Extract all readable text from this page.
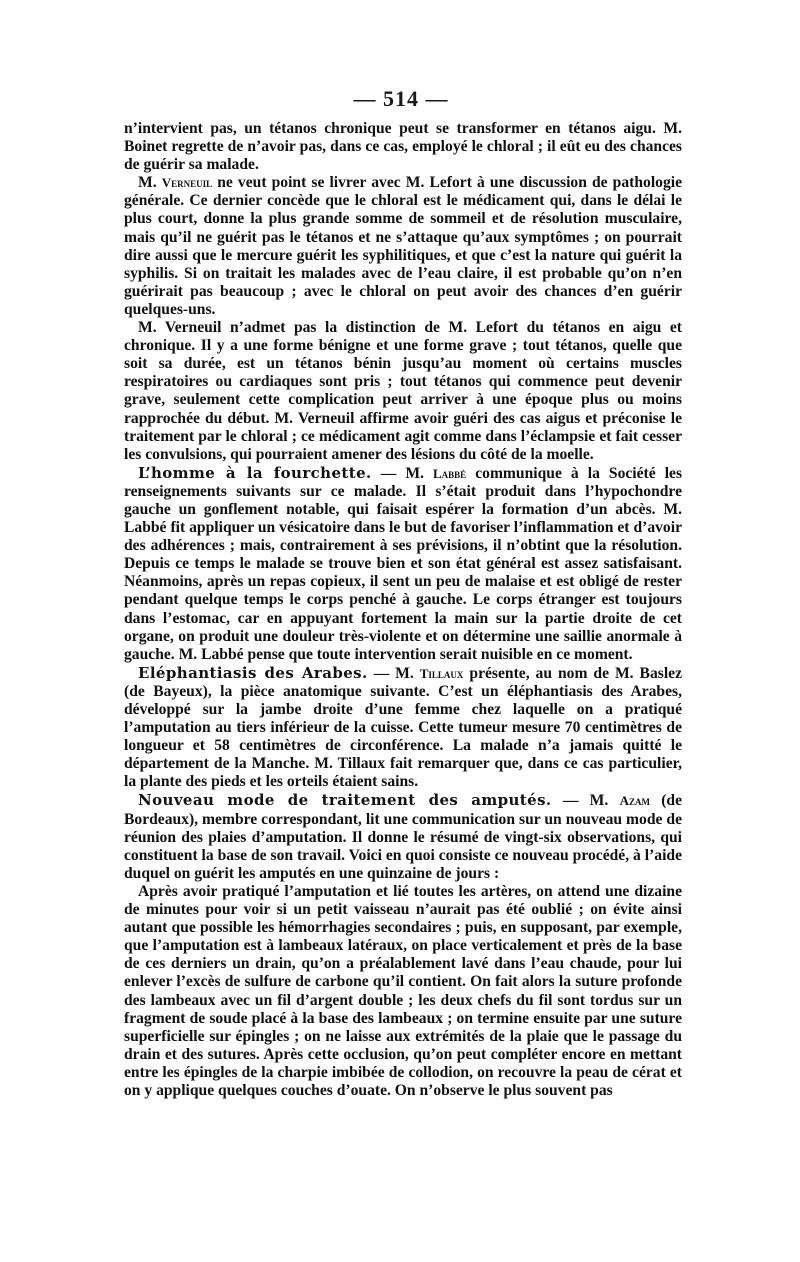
— 514 —

n’intervient pas, un tétanos chronique peut se transformer en tétanos aigu. M. Boinet regrette de n’avoir pas, dans ce cas, employé le chloral ; il eût eu des chances de guérir sa malade.

M. Verneuil ne veut point se livrer avec M. Lefort à une discussion de pathologie générale. Ce dernier concède que le chloral est le médicament qui, dans le délai le plus court, donne la plus grande somme de sommeil et de résolution musculaire, mais qu’il ne guérit pas le tétanos et ne s’attaque qu’aux symptômes ; on pourrait dire aussi que le mercure guérit les syphilitiques, et que c’est la nature qui guérit la syphilis. Si on traitait les malades avec de l’eau claire, il est probable qu’on n’en guérirait pas beaucoup ; avec le chloral on peut avoir des chances d’en guérir quelques-uns.

M. Verneuil n’admet pas la distinction de M. Lefort du tétanos en aigu et chronique. Il y a une forme bénigne et une forme grave ; tout tétanos, quelle que soit sa durée, est un tétanos bénin jusqu’au moment où certains muscles respiratoires ou cardiaques sont pris ; tout tétanos qui commence peut devenir grave, seulement cette complication peut arriver à une époque plus ou moins rapprochée du début. M. Verneuil affirme avoir guéri des cas aigus et préconise le traitement par le chloral ; ce médicament agit comme dans l’éclampsie et fait cesser les convulsions, qui pourraient amener des lésions du côté de la moelle.

L’homme à la fourchette. — M. Labbé communique à la Société les renseignements suivants sur ce malade. Il s’était produit dans l’hypochondre gauche un gonflement notable, qui faisait espérer la formation d’un abcès. M. Labbé fit appliquer un vésicatoire dans le but de favoriser l’inflammation et d’avoir des adhérences ; mais, contrairement à ses prévisions, il n’obtint que la résolution. Depuis ce temps le malade se trouve bien et son état général est assez satisfaisant. Néanmoins, après un repas copieux, il sent un peu de malaise et est obligé de rester pendant quelque temps le corps penché à gauche. Le corps étranger est toujours dans l’estomac, car en appuyant fortement la main sur la partie droite de cet organe, on produit une douleur très-violente et on détermine une saillie anormale à gauche. M. Labbé pense que toute intervention serait nuisible en ce moment.

Eléphantiasis des Arabes. — M. Tillaux présente, au nom de M. Baslez (de Bayeux), la pièce anatomique suivante. C’est un éléphantiasis des Arabes, développé sur la jambe droite d’une femme chez laquelle on a pratiqué l’amputation au tiers inférieur de la cuisse. Cette tumeur mesure 70 centimètres de longueur et 58 centimètres de circonférence. La malade n’a jamais quitté le département de la Manche. M. Tillaux fait remarquer que, dans ce cas particulier, la plante des pieds et les orteils étaient sains.

Nouveau mode de traitement des amputés. — M. Azam (de Bordeaux), membre correspondant, lit une communication sur un nouveau mode de réunion des plaies d’amputation. Il donne le résumé de vingt-six observations, qui constituent la base de son travail. Voici en quoi consiste ce nouveau procédé, à l’aide duquel on guérit les amputés en une quinzaine de jours :

Après avoir pratiqué l’amputation et lié toutes les artères, on attend une dizaine de minutes pour voir si un petit vaisseau n’aurait pas été oublié ; on évite ainsi autant que possible les hémorrhagies secondaires ; puis, en supposant, par exemple, que l’amputation est à lambeaux latéraux, on place verticalement et près de la base de ces derniers un drain, qu’on a préalablement lavé dans l’eau chaude, pour lui enlever l’excès de sulfure de carbone qu’il contient. On fait alors la suture profonde des lambeaux avec un fil d’argent double ; les deux chefs du fil sont tordus sur un fragment de soude placé à la base des lambeaux ; on termine ensuite par une suture superficielle sur épingles ; on ne laisse aux extrémités de la plaie que le passage du drain et des sutures. Après cette occlusion, qu’on peut compléter encore en mettant entre les épingles de la charpie imbibée de collodion, on recouvre la peau de cérat et on y applique quelques couches d’ouate. On n’observe le plus souvent pas
